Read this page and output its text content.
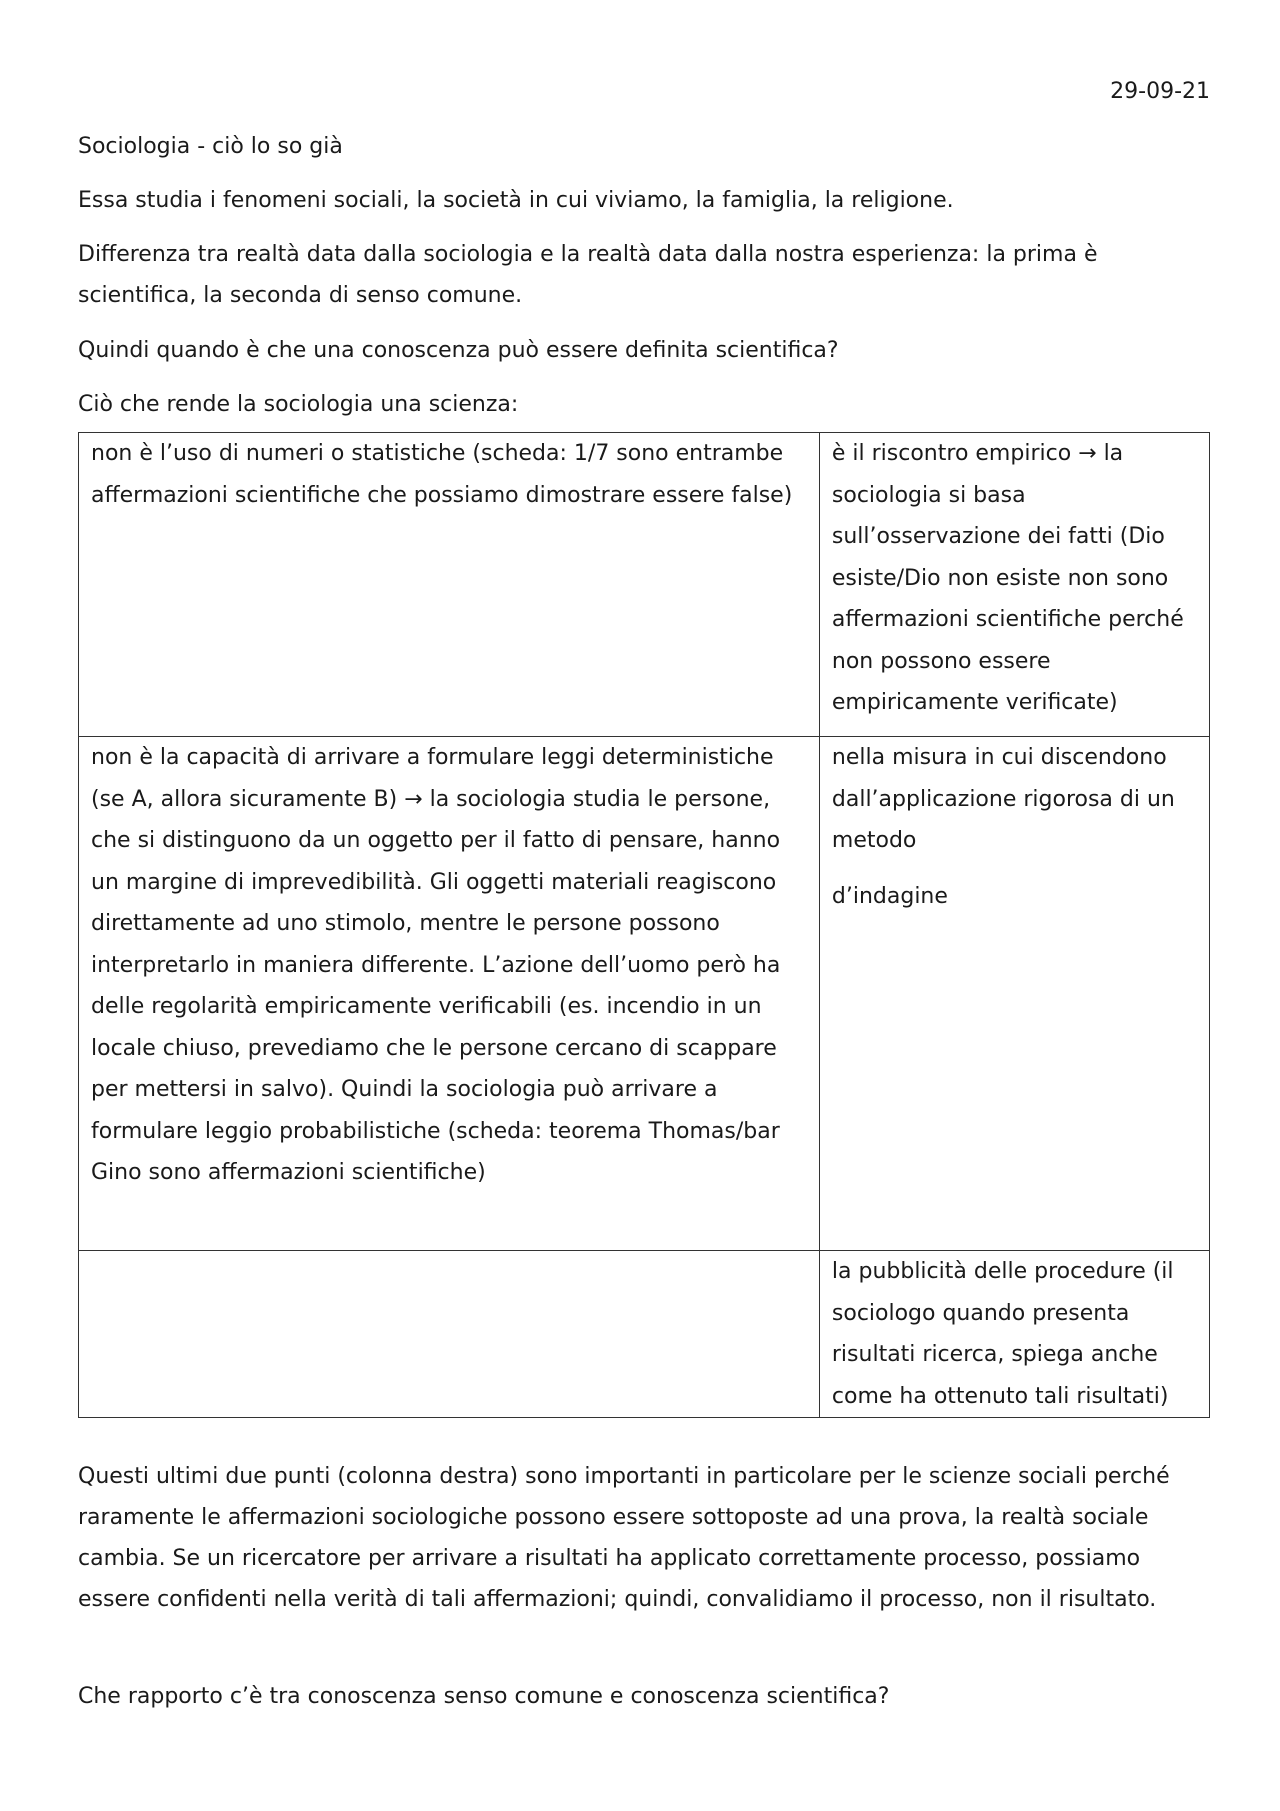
29-09-21

Sociologia - ciò lo so già

Essa studia i fenomeni sociali, la società in cui viviamo, la famiglia, la religione.

Differenza tra realtà data dalla sociologia e la realtà data dalla nostra esperienza: la prima è scientifica, la seconda di senso comune.

Quindi quando è che una conoscenza può essere definita scientifica?

Ciò che rende la sociologia una scienza:

non è l’uso di numeri o statistiche (scheda: 1/7 sono entrambe affermazioni scientifiche che possiamo dimostrare essere false)	è il riscontro empirico → la sociologia si basa sull’osservazione dei fatti (Dio esiste/Dio non esiste non sono affermazioni scientifiche perché non possono essere empiricamente verificate)
non è la capacità di arrivare a formulare leggi deterministiche (se A, allora sicuramente B) → la sociologia studia le persone, che si distinguono da un oggetto per il fatto di pensare, hanno un margine di imprevedibilità. Gli oggetti materiali reagiscono direttamente ad uno stimolo, mentre le persone possono interpretarlo in maniera differente. L’azione dell’uomo però ha delle regolarità empiricamente verificabili (es. incendio in un locale chiuso, prevediamo che le persone cercano di scappare per mettersi in salvo). Quindi la sociologia può arrivare a formulare leggio probabilistiche (scheda: teorema Thomas/bar Gino sono affermazioni scientifiche)	nella misura in cui discendono dall’applicazione rigorosa di un metodo
d’indagine

	la pubblicità delle procedure (il sociologo quando presenta risultati ricerca, spiega anche come ha ottenuto tali risultati)

Questi ultimi due punti (colonna destra) sono importanti in particolare per le scienze sociali perché raramente le affermazioni sociologiche possono essere sottoposte ad una prova, la realtà sociale cambia. Se un ricercatore per arrivare a risultati ha applicato correttamente processo, possiamo essere confidenti nella verità di tali affermazioni; quindi, convalidiamo il processo, non il risultato.

Che rapporto c’è tra conoscenza senso comune e conoscenza scientifica?
